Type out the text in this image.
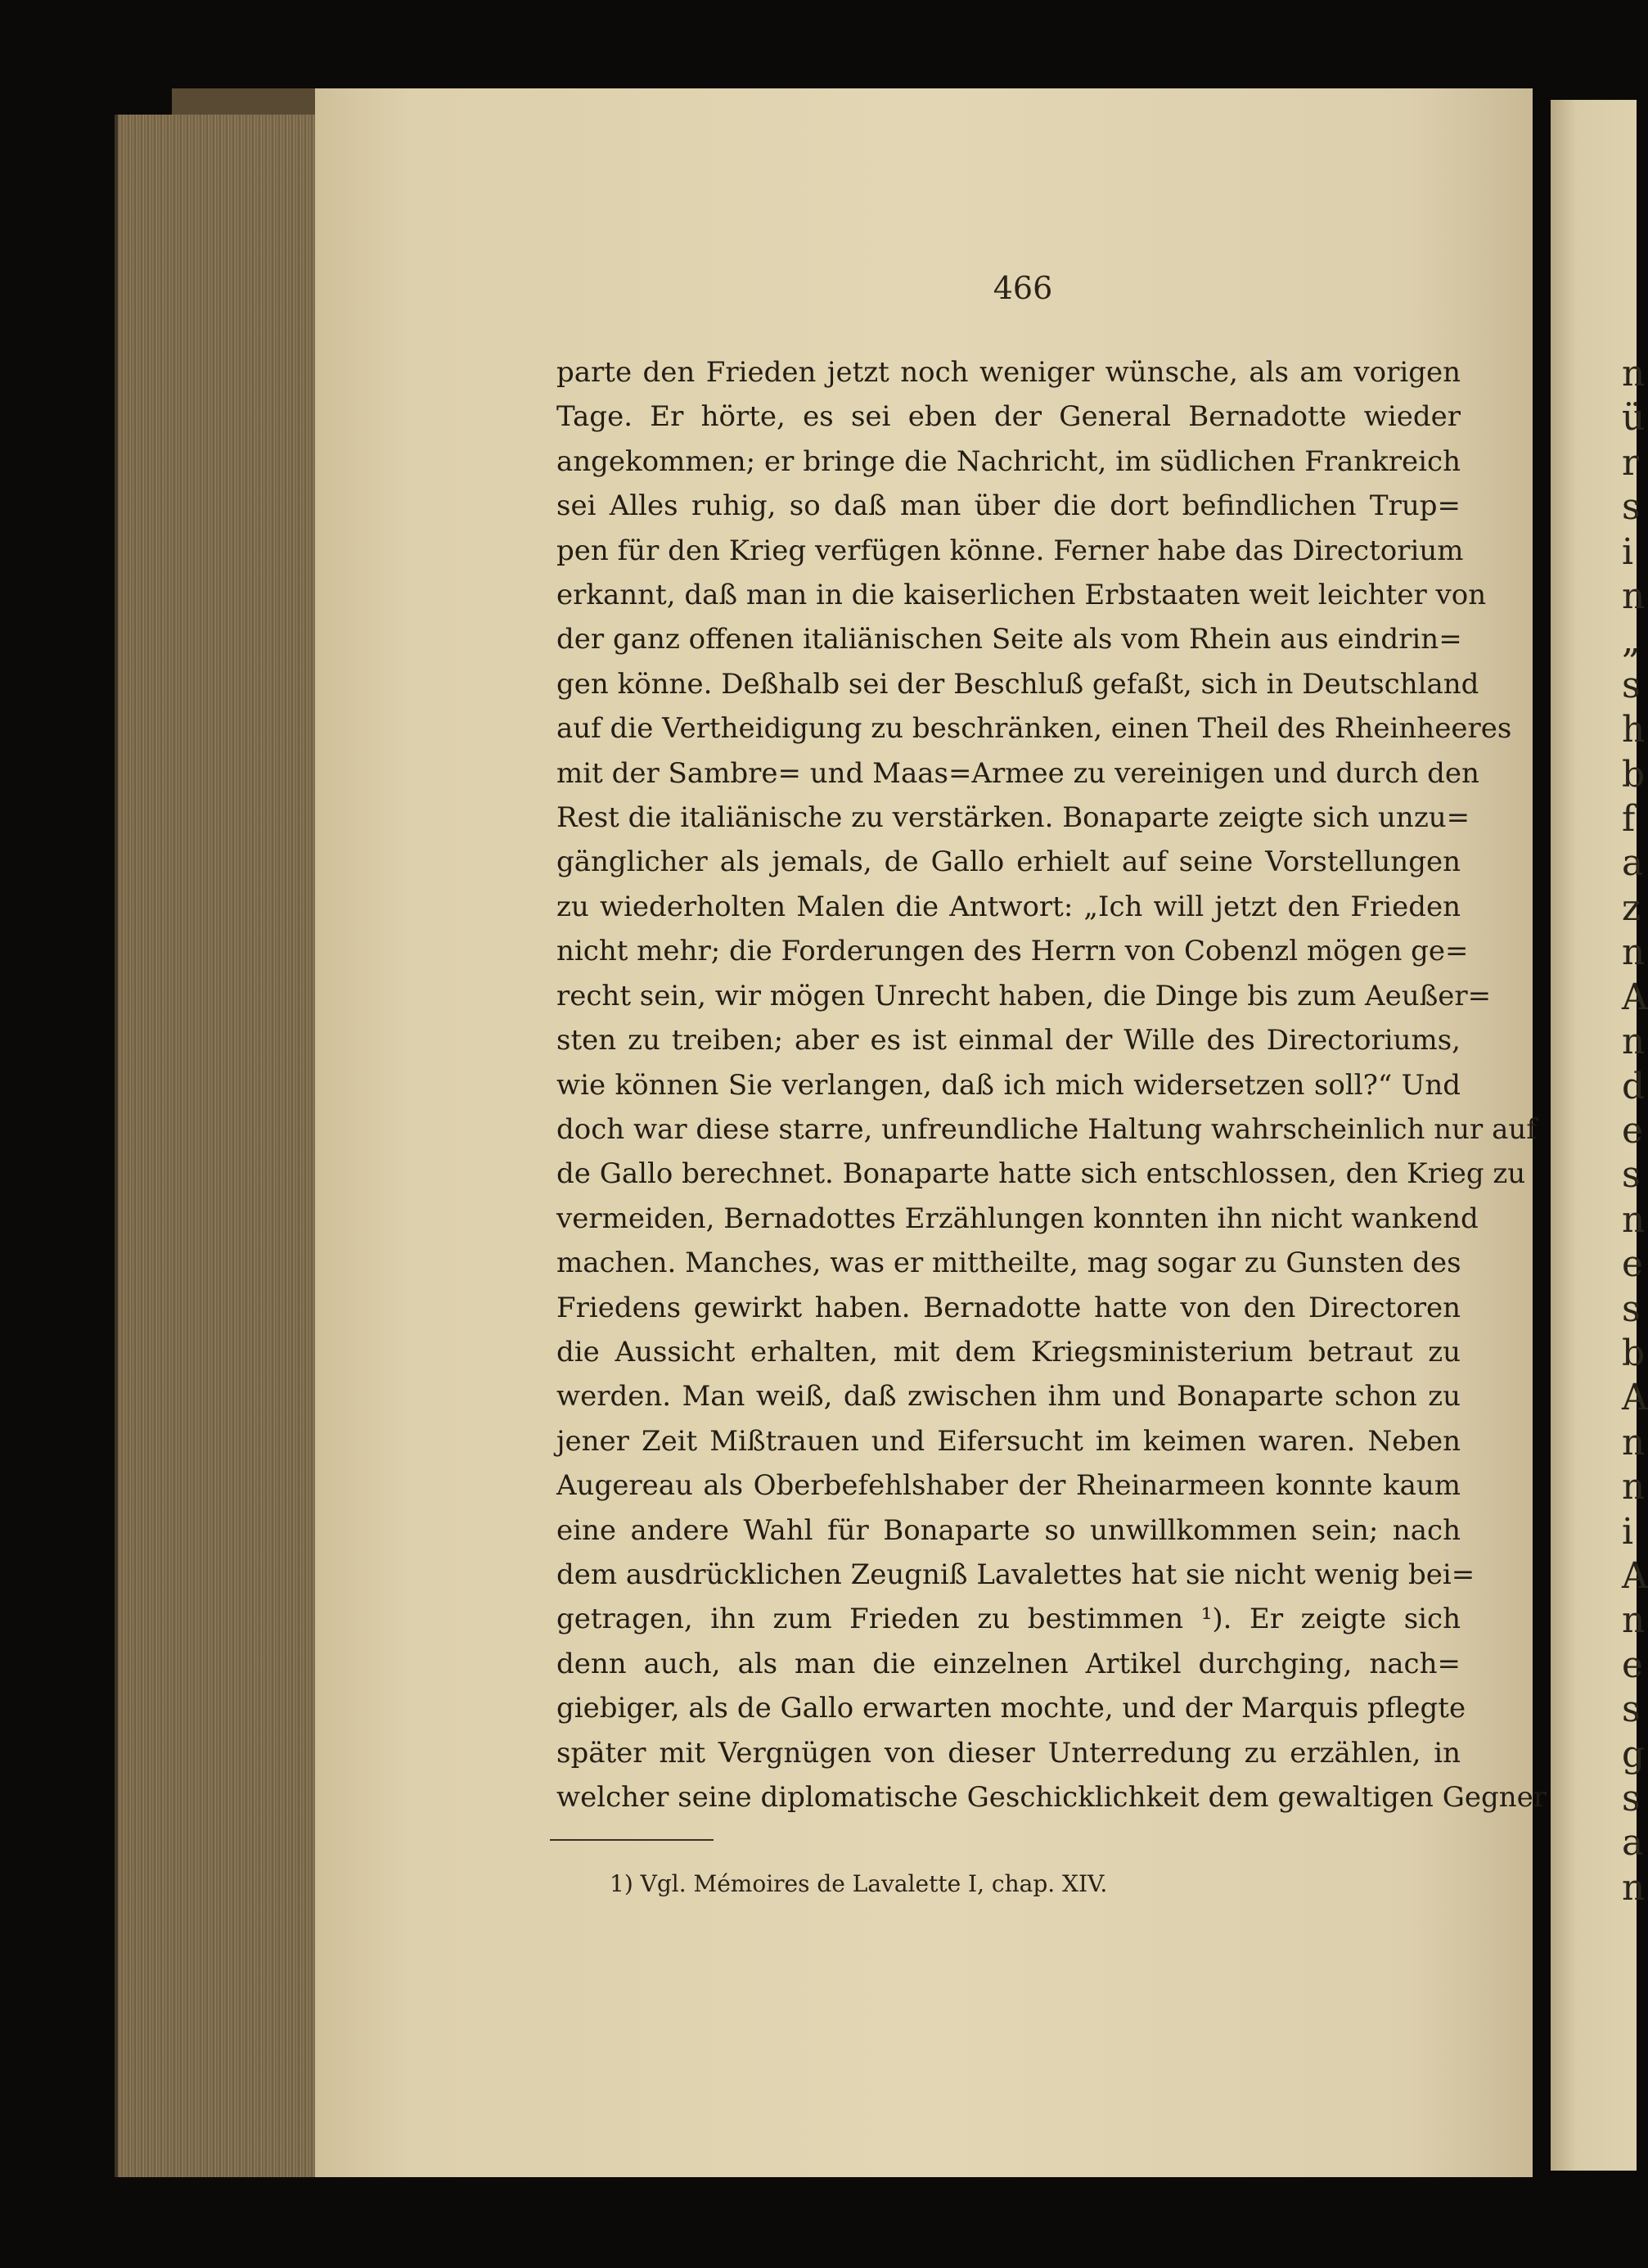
n
ü
r
s
i
n
„
s
h
b
f
a
z
n
A
n
d
e
s
n
e
s
b
A
n
n
i
A
n
e
s
g
s
a
n
466
parte den Frieden jetzt noch weniger wünsche, als am vorigen
Tage. Er hörte, es sei eben der General Bernadotte wieder
angekommen; er bringe die Nachricht, im südlichen Frankreich
sei Alles ruhig, so daß man über die dort befindlichen Trup=
pen für den Krieg verfügen könne. Ferner habe das Directorium
erkannt, daß man in die kaiserlichen Erbstaaten weit leichter von
der ganz offenen italiänischen Seite als vom Rhein aus eindrin=
gen könne. Deßhalb sei der Beschluß gefaßt, sich in Deutschland
auf die Vertheidigung zu beschränken, einen Theil des Rheinheeres
mit der Sambre= und Maas=Armee zu vereinigen und durch den
Rest die italiänische zu verstärken. Bonaparte zeigte sich unzu=
gänglicher als jemals, de Gallo erhielt auf seine Vorstellungen
zu wiederholten Malen die Antwort: „Ich will jetzt den Frieden
nicht mehr; die Forderungen des Herrn von Cobenzl mögen ge=
recht sein, wir mögen Unrecht haben, die Dinge bis zum Aeußer=
sten zu treiben; aber es ist einmal der Wille des Directoriums,
wie können Sie verlangen, daß ich mich widersetzen soll?“ Und
doch war diese starre, unfreundliche Haltung wahrscheinlich nur auf
de Gallo berechnet. Bonaparte hatte sich entschlossen, den Krieg zu
vermeiden, Bernadottes Erzählungen konnten ihn nicht wankend
machen. Manches, was er mittheilte, mag sogar zu Gunsten des
Friedens gewirkt haben. Bernadotte hatte von den Directoren
die Aussicht erhalten, mit dem Kriegsministerium betraut zu
werden. Man weiß, daß zwischen ihm und Bonaparte schon zu
jener Zeit Mißtrauen und Eifersucht im keimen waren. Neben
Augereau als Oberbefehlshaber der Rheinarmeen konnte kaum
eine andere Wahl für Bonaparte so unwillkommen sein; nach
dem ausdrücklichen Zeugniß Lavalettes hat sie nicht wenig bei=
getragen, ihn zum Frieden zu bestimmen ¹). Er zeigte sich
denn auch, als man die einzelnen Artikel durchging, nach=
giebiger, als de Gallo erwarten mochte, und der Marquis pflegte
später mit Vergnügen von dieser Unterredung zu erzählen, in
welcher seine diplomatische Geschicklichkeit dem gewaltigen Gegner
1) Vgl. Mémoires de Lavalette I, chap. XIV.
